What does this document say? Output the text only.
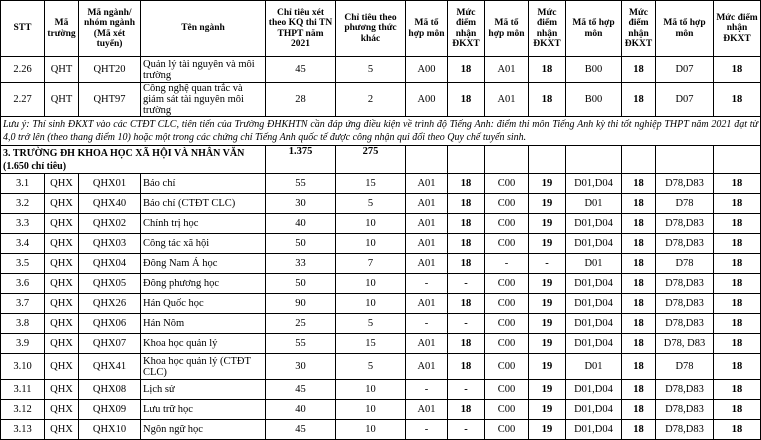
STT	Mã trường	Mã ngành/ nhóm ngành (Mã xét tuyển)	Tên ngành	Chỉ tiêu xét theo KQ thi TN THPT năm 2021	Chỉ tiêu theo phương thức khác	Mã tổ hợp môn	Mức điểm nhận ĐKXT	Mã tổ hợp môn	Mức điểm nhận ĐKXT	Mã tổ hợp môn	Mức điểm nhận ĐKXT	Mã tổ hợp môn	Mức điểm nhận ĐKXT
2.26	QHT	QHT20	Quản lý tài nguyên và môi trường	45	5	A00	18	A01	18	B00	18	D07	18
2.27	QHT	QHT97	Công nghệ quan trắc và giám sát tài nguyên môi trường	28	2	A00	18	A01	18	B00	18	D07	18
Lưu ý: Thí sinh ĐKXT vào các CTĐT CLC, tiên tiến của Trường ĐHKHTN cần đáp ứng điều kiện về trình độ Tiếng Anh: điểm thi môn Tiếng Anh kỳ thi tốt nghiệp THPT năm 2021 đạt từ 4,0 trở lên (theo thang điểm 10) hoặc một trong các chứng chỉ Tiếng Anh quốc tế được công nhận qui đổi theo Quy chế tuyển sinh.													

3. TRƯỜNG ĐH KHOA HỌC XÃ HỘI VÀ NHÂN VĂN
(1.650 chỉ tiêu)				1.375	275								
3.1	QHX	QHX01	Báo chí	55	15	A01	18	C00	19	D01,D04	18	D78,D83	18
3.2	QHX	QHX40	Báo chí (CTĐT CLC)	30	5	A01	18	C00	19	D01	18	D78	18
3.3	QHX	QHX02	Chính trị học	40	10	A01	18	C00	19	D01,D04	18	D78,D83	18
3.4	QHX	QHX03	Công tác xã hội	50	10	A01	18	C00	19	D01,D04	18	D78,D83	18
3.5	QHX	QHX04	Đông Nam Á học	33	7	A01	18	-	-	D01	18	D78	18
3.6	QHX	QHX05	Đông phương học	50	10	-	-	C00	19	D01,D04	18	D78,D83	18
3.7	QHX	QHX26	Hán Quốc học	90	10	A01	18	C00	19	D01,D04	18	D78,D83	18
3.8	QHX	QHX06	Hán Nôm	25	5	-	-	C00	19	D01,D04	18	D78,D83	18
3.9	QHX	QHX07	Khoa học quản lý	55	15	A01	18	C00	19	D01,D04	18	D78, D83	18
3.10	QHX	QHX41	Khoa học quản lý (CTĐT CLC)	30	5	A01	18	C00	19	D01	18	D78	18
3.11	QHX	QHX08	Lịch sử	45	10	-	-	C00	19	D01,D04	18	D78,D83	18
3.12	QHX	QHX09	Lưu trữ học	40	10	A01	18	C00	19	D01,D04	18	D78,D83	18
3.13	QHX	QHX10	Ngôn ngữ học	45	10	-	-	C00	19	D01,D04	18	D78,D83	18
